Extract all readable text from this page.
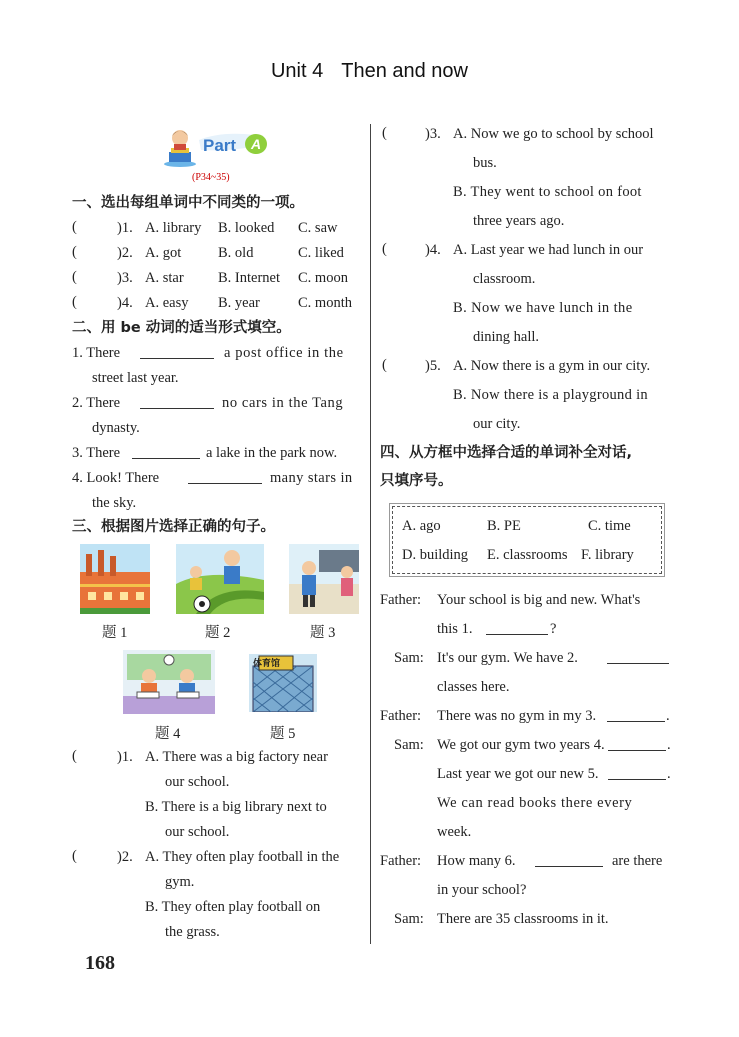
Unit 4 Then and now
Part	A
(P34~35)
一、选出每组单词中不同类的一项。
(	)1. A. library B. looked C. saw
(	)2. A. got	B. old	C. liked
(	)3. A. star B. Internet C. moon
(	)4. A. easy B. year	C. month
二、用 be 动词的适当形式填空。
1. There	a post office in the
street last year.
2. There	no cars in the Tang
dynasty.
3. There	a lake in the park now.
4. Look! There	many stars in
the sky.
三、根据图片选择正确的句子。
体育馆
题 1	题 2	题 3
题 4	题 5
(	)1. A. There was a big factory near
our school.
B. There is a big library next to
our school.
(	)2. A. They often play football in the
gym.
B. They often play football on
the grass.
168
(	)3. A. Now we go to school by school
bus.
B. They went to school on foot
three years ago.
(	)4. A. Last year we had lunch in our
classroom.
B. Now we have lunch in the
dining hall.
(	)5. A. Now there is a gym in our city.
B. Now there is a playground in
our city.
四、从方框中选择合适的单词补全对话,
只填序号。
A. ago	B. PE	C. time
D. building E. classrooms F. library
Father: Your school is big and new. What's
this 1.	?
Sam: It's our gym. We have 2.
classes here.
Father: There was no gym in my 3.	.
Sam: We got our gym two years 4.	.
Last year we got our new 5.	.
We can read books there every
week.
Father: How many 6.	are there
in your school?
Sam: There are 35 classrooms in it.
